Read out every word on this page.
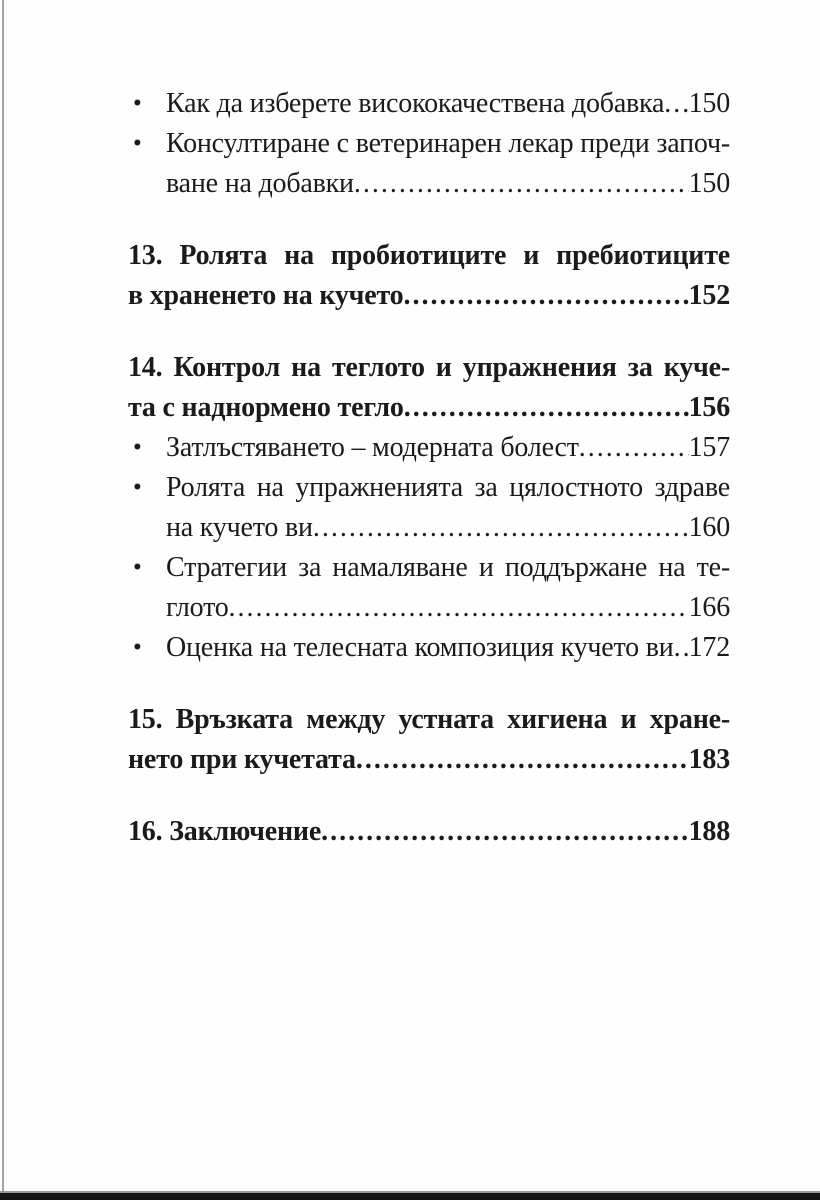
• Как да изберете висококачествена добавка ..... 150
• Консултиране с ветеринарен лекар преди започ-
ване на добавки .....	150
13. Ролята на пробиотиците и пребиотиците
в храненето на кучето .....	152
14. Контрол на теглото и упражнения за куче-
та с наднормено тегло .....	156
• Затлъстяването – модерната болест .....	157
• Ролята на упражненията за цялостното здраве
на кучето ви .....	160
• Стратегии за намаляване и поддържане на те-
глото .....	166
• Оценка на телесната композиция кучето ви ..... 172
15. Връзката между устната хигиена и хране-
нето при кучетата .....	183
16. Заключение .....	188
